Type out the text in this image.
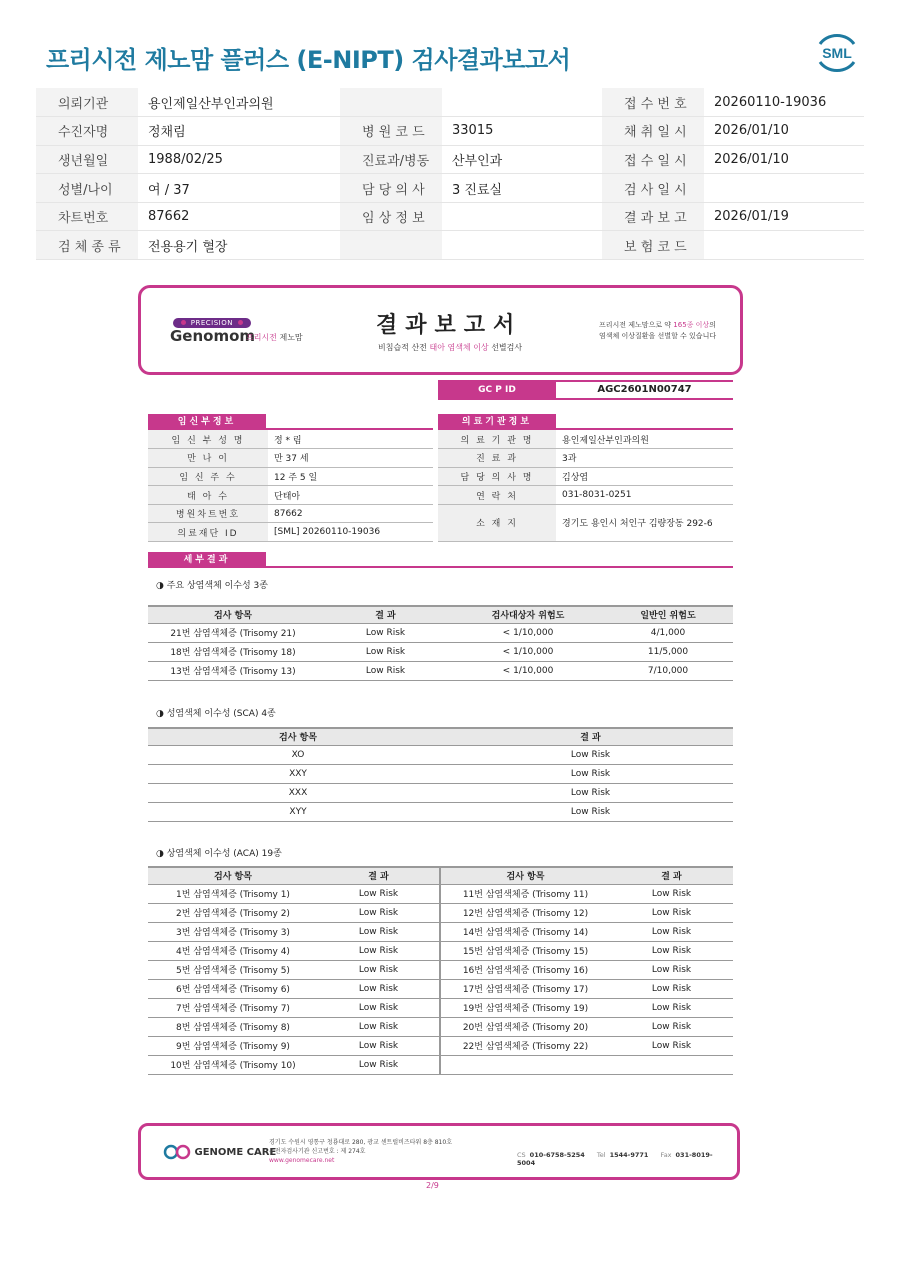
프리시전 제노맘 플러스 (E-NIPT) 검사결과보고서	SML
의뢰기관	용인제일산부인과의원			접 수 번 호	20260110-19036
수진자명	정채림	병 원 코 드	33015	채 취 일 시	2026/01/10
생년월일	1988/02/25	진료과/병동	산부인과	접 수 일 시	2026/01/10
성별/나이	여 / 37	담 당 의 사	3 진료실	검 사 일 시	
차트번호	87662	임 상 정 보		결 과 보 고	2026/01/19
검 체 종 류	전용용기 혈장			보 험 코 드	
PRECISION
Genomom
프리시전 제노맘	결과보고서
비침습적 산전 태아 염색체 이상 선별검사
프리시전 제노맘으로 약 165종 이상의
염색체 이상질환을 선별할 수 있습니다
GC P ID	AGC2601N00747
임신부정보
임 신 부 성 명	정 * 림
만 나 이	만 37 세
임 신 주 수	12 주 5 일
태 아 수	단태아
병원차트번호	87662
의료재단 ID	[SML] 20260110-19036
의료기관정보
의 료 기 관 명	용인제일산부인과의원
진 료 과	3과
담 당 의 사 명	김상엽
연 락 처	031-8031-0251
소 재 지	경기도 용인시 처인구 김량장동 292-6
세부결과
◑ 주요 상염색체 이수성 3종
검사 항목	결 과	검사대상자 위험도	일반인 위험도
21번 삼염색체증 (Trisomy 21)	Low Risk	< 1/10,000	4/1,000
18번 삼염색체증 (Trisomy 18)	Low Risk	< 1/10,000	11/5,000
13번 삼염색체증 (Trisomy 13)	Low Risk	< 1/10,000	7/10,000
◑ 성염색체 이수성 (SCA) 4종
검사 항목	결 과
XO	Low Risk
XXY	Low Risk
XXX	Low Risk
XYY	Low Risk
◑ 상염색체 이수성 (ACA) 19종
검사 항목	결 과	검사 항목	결 과
1번 삼염색체증 (Trisomy 1)	Low Risk	11번 삼염색체증 (Trisomy 11)	Low Risk
2번 삼염색체증 (Trisomy 2)	Low Risk	12번 삼염색체증 (Trisomy 12)	Low Risk
3번 삼염색체증 (Trisomy 3)	Low Risk	14번 삼염색체증 (Trisomy 14)	Low Risk
4번 삼염색체증 (Trisomy 4)	Low Risk	15번 삼염색체증 (Trisomy 15)	Low Risk
5번 삼염색체증 (Trisomy 5)	Low Risk	16번 삼염색체증 (Trisomy 16)	Low Risk
6번 삼염색체증 (Trisomy 6)	Low Risk	17번 삼염색체증 (Trisomy 17)	Low Risk
7번 삼염색체증 (Trisomy 7)	Low Risk	19번 삼염색체증 (Trisomy 19)	Low Risk
8번 삼염색체증 (Trisomy 8)	Low Risk	20번 삼염색체증 (Trisomy 20)	Low Risk
9번 삼염색체증 (Trisomy 9)	Low Risk	22번 삼염색체증 (Trisomy 22)	Low Risk
10번 삼염색체증 (Trisomy 10)	Low Risk		
GENOME CARE
경기도 수원시 영통구 청룡대로 280, 광교 센트럴비즈타워 8층 810호
유전자검사기관 신고번호 : 제 274호
www.genomecare.net
CS 010-6758-5254 Tel 1544-9771 Fax 031-8019-5004
2/9
